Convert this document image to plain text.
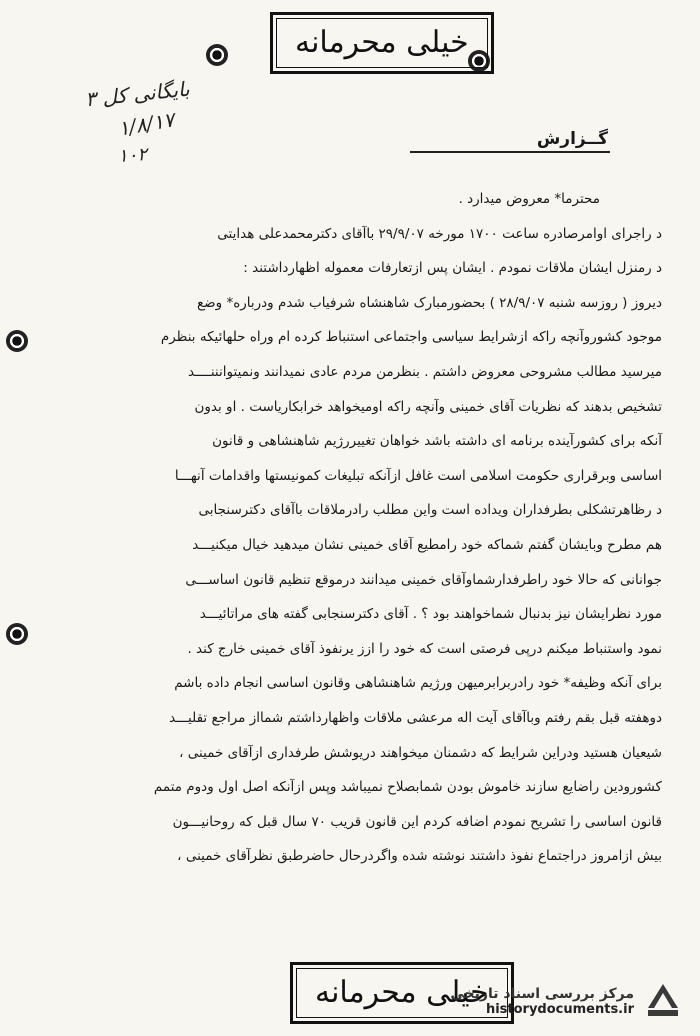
خیلی محرمانه
بایگانی کل ۳
۱/۸/۱۷
۱۰۲
گــزارش

محترما* معروض میدارد .

د راجرای اوامرصادره ساعت ۱۷۰۰ مورخه ۲۹/۹/۰۷ باآقای دکترمحمدعلی هدایتی

د رمنزل ایشان ملاقات نمودم . ایشان پس ازتعارفات معموله اظهارداشتند :

دیروز ( روزسه شنبه ۲۸/۹/۰۷ ) بحضورمبارک شاهنشاه شرفیاب شدم ودرباره* وضع

موجود کشوروآنچه راکه ازشرایط سیاسی واجتماعی استنباط کرده ام وراه حلهائیکه بنظرم

میرسید مطالب مشروحی معروض داشتم . بنظرمن مردم عادی نمیدانند ونمیتوانننــــد

تشخیص بدهند که نظریات آقای خمینی وآنچه راکه اومیخواهد خرابکاریاست . او بدون

آنکه برای کشورآینده برنامه ای داشته باشد خواهان تغییررژیم شاهنشاهی و قانون

اساسی وبرقراری حکومت اسلامی است غافل ازآنکه تبلیغات کمونیستها واقدامات آنهـــا

د رظاهرتشکلی بطرفداران ویداده است واین مطلب رادرملاقات باآقای دکترسنجابی

هم مطرح وبایشان گفتم شماکه خود رامطیع آقای خمینی نشان میدهید خیال میکنیـــد

جوانانی که حالا خود راطرفدارشماوآقای خمینی میدانند درموقع تنظیم قانون اساســـی

مورد نظرایشان نیز بدنبال شماخواهند بود ؟ . آقای دکترسنجابی گفته های مراتائیـــد

نمود واستنباط میکنم درپی فرصتی است که خود را ازز یرنفوذ آقای خمینی خارج کند .

برای آنکه وظیفه* خود رادربرابرمیهن ورژیم شاهنشاهی وقانون اساسی انجام داده باشم

دوهفته قبل بقم رفتم وباآقای آیت اله مرعشی ملاقات واظهارداشتم شمااز مراجع تقلیـــد

شیعیان هستید ودراین شرایط که دشمنان میخواهند دریوشش طرفداری ازآقای خمینی ،

کشورودین راضایع سازند خاموش بودن شمابصلاح نمیباشد وپس ازآنکه اصل اول ودوم متمم

قانون اساسی را تشریح نمودم اضافه کردم این قانون قریب ۷۰ سال قبل که روحانیـــون

بیش ازامروز دراجتماع نفوذ داشتند نوشته شده واگردرحال حاضرطبق نظرآقای خمینی ،

خیلی محرمانه
مرکز بررسی اسناد تاریخی
historydocuments.ir
